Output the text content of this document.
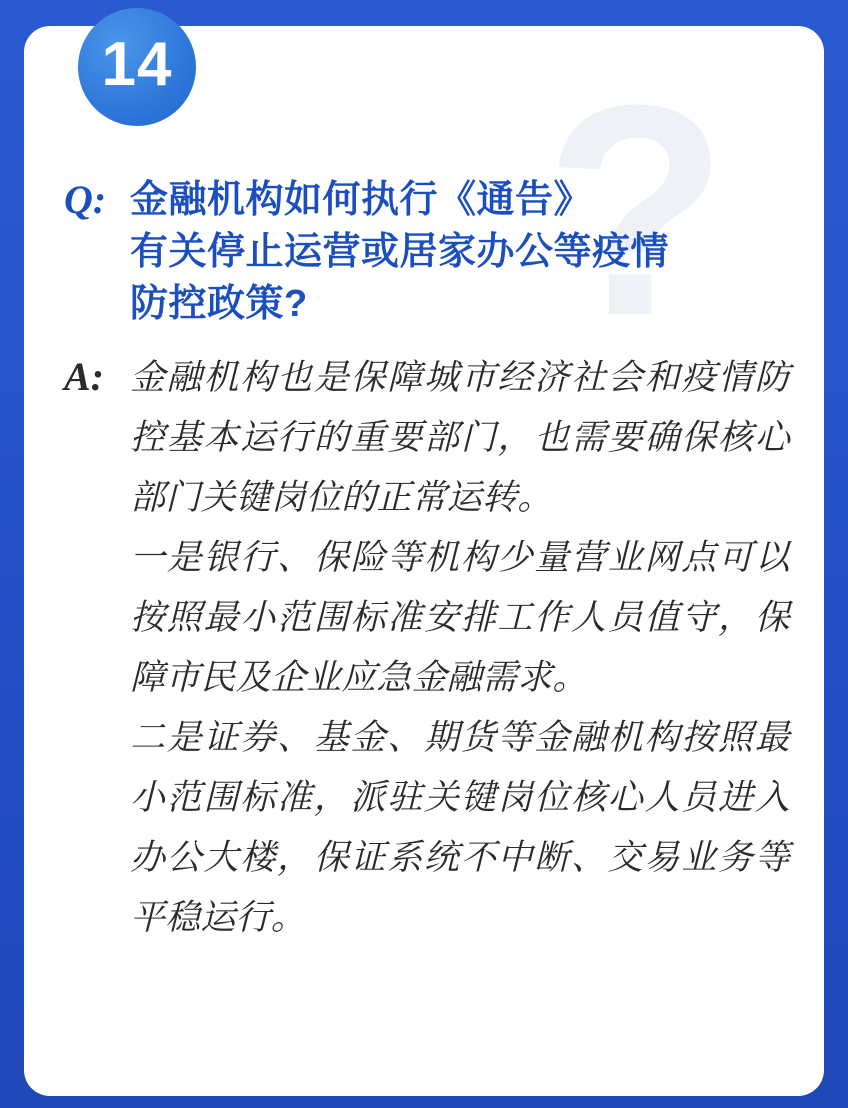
?
Q: 金融机构如何执行《通告》

有关停止运营或居家办公等疫情

防控政策?

A: 金融机构也是保障城市经济社会和疫情防控基本运行的重要部门，也需要确保核心部门关键岗位的正常运转。

一是银行、保险等机构少量营业网点可以按照最小范围标准安排工作人员值守，保障市民及企业应急金融需求。

二是证券、基金、期货等金融机构按照最小范围标准，派驻关键岗位核心人员进入办公大楼，保证系统不中断、交易业务等平稳运行。

14
